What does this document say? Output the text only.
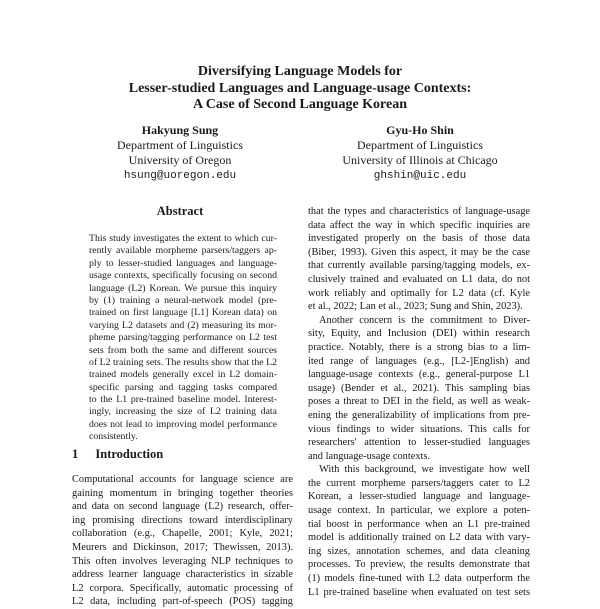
Diversifying Language Models for
Lesser-studied Languages and Language-usage Contexts:
A Case of Second Language Korean
Hakyung Sung
Department of Linguistics
University of Oregon
hsung@uoregon.edu
Gyu-Ho Shin
Department of Linguistics
University of Illinois at Chicago
ghshin@uic.edu
Abstract
This study investigates the extent to which cur-
rently available morpheme parsers/taggers ap-
ply to lesser-studied languages and language-
usage contexts, specifically focusing on second
language (L2) Korean. We pursue this inquiry
by (1) training a neural-network model (pre-
trained on first language [L1] Korean data) on
varying L2 datasets and (2) measuring its mor-
pheme parsing/tagging performance on L2 test
sets from both the same and different sources
of L2 training sets. The results show that the L2
trained models generally excel in L2 domain-
specific parsing and tagging tasks compared
to the L1 pre-trained baseline model. Interest-
ingly, increasing the size of L2 training data
does not lead to improving model performance
consistently.
1 Introduction
Computational accounts for language science are
gaining momentum in bringing together theories
and data on second language (L2) research, offer-
ing promising directions toward interdisciplinary
collaboration (e.g., Chapelle, 2001; Kyle, 2021;
Meurers and Dickinson, 2017; Thewissen, 2013).
This often involves leveraging NLP techniques to
address learner language characteristics in sizable
L2 corpora. Specifically, automatic processing of
L2 data, including part-of-speech (POS) tagging
that the types and characteristics of language-usage
data affect the way in which specific inquiries are
investigated properly on the basis of those data
(Biber, 1993). Given this aspect, it may be the case
that currently available parsing/tagging models, ex-
clusively trained and evaluated on L1 data, do not
work reliably and optimally for L2 data (cf. Kyle
et al., 2022; Lan et al., 2023; Sung and Shin, 2023).
Another concern is the commitment to Diver-
sity, Equity, and Inclusion (DEI) within research
practice. Notably, there is a strong bias to a lim-
ited range of languages (e.g., [L2-]English) and
language-usage contexts (e.g., general-purpose L1
usage) (Bender et al., 2021). This sampling bias
poses a threat to DEI in the field, as well as weak-
ening the generalizability of implications from pre-
vious findings to wider situations. This calls for
researchers' attention to lesser-studied languages
and language-usage contexts.
With this background, we investigate how well
the current morpheme parsers/taggers cater to L2
Korean, a lesser-studied language and language-
usage context. In particular, we explore a poten-
tial boost in performance when an L1 pre-trained
model is additionally trained on L2 data with vary-
ing sizes, annotation schemes, and data cleaning
processes. To preview, the results demonstrate that
(1) models fine-tuned with L2 data outperform the
L1 pre-trained baseline when evaluated on test sets
